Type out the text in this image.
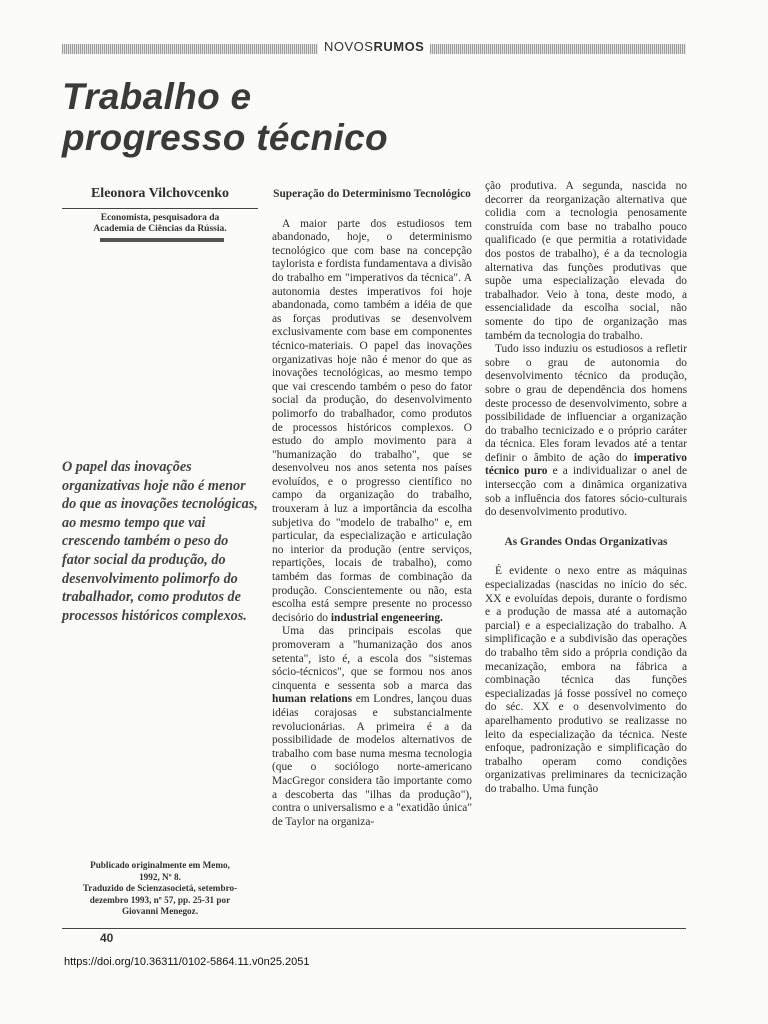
NOVOSRUMOS
Trabalho e
progresso técnico
Eleonora Vilchovcenko
Economista, pesquisadora da
Academia de Ciências da Rússia.
O papel das inovações organizativas hoje não é menor do que as inovações tecnológicas, ao mesmo tempo que vai crescendo também o peso do fator social da produção, do desenvolvimento polimorfo do trabalhador, como produtos de processos históricos complexos.
Publicado originalmente em Memo,
1992, Nº 8.
Traduzido de Scienzasocietá, setembro-
dezembro 1993, nº 57, pp. 25-31 por
Giovanni Menegoz.
Superação do Determinismo Tecnológico

A maior parte dos estudiosos tem abandonado, hoje, o determinismo tecnológico que com base na concepção taylorista e fordista fundamentava a divisão do trabalho em "imperativos da técnica". A autonomia destes imperativos foi hoje abandonada, como também a idéia de que as forças produtivas se desenvolvem exclusivamente com base em componentes técnico-materiais. O papel das inovações organizativas hoje não é menor do que as inovações tecnológicas, ao mesmo tempo que vai crescendo também o peso do fator social da produção, do desenvolvimento polimorfo do trabalhador, como produtos de processos históricos complexos. O estudo do amplo movimento para a "humanização do trabalho", que se desenvolveu nos anos setenta nos países evoluídos, e o progresso científico no campo da organização do trabalho, trouxeram à luz a importância da escolha subjetiva do "modelo de trabalho" e, em particular, da especialização e articulação no interior da produção (entre serviços, repartições, locais de trabalho), como também das formas de combinação da produção. Conscientemente ou não, esta escolha está sempre presente no processo decisório do industrial engeneering.

Uma das principais escolas que promoveram a "humanização dos anos setenta", isto é, a escola dos "sistemas sócio-técnicos", que se formou nos anos cinquenta e sessenta sob a marca das human relations em Londres, lançou duas idéias corajosas e substancialmente revolucionárias. A primeira é a da possibilidade de modelos alternativos de trabalho com base numa mesma tecnologia (que o sociólogo norte-americano MacGregor considera tão importante como a descoberta das "ilhas da produção"), contra o universalismo e a "exatidão única" de Taylor na organiza-

ção produtiva. A segunda, nascida no decorrer da reorganização alternativa que colidia com a tecnologia penosamente construída com base no trabalho pouco qualificado (e que permitia a rotatividade dos postos de trabalho), é a da tecnologia alternativa das funções produtivas que supõe uma especialização elevada do trabalhador. Veio à tona, deste modo, a essencialidade da escolha social, não somente do tipo de organização mas também da tecnologia do trabalho.

Tudo isso induziu os estudiosos a refletir sobre o grau de autonomia do desenvolvimento técnico da produção, sobre o grau de dependência dos homens deste processo de desenvolvimento, sobre a possibilidade de influenciar a organização do trabalho tecnicizado e o próprio caráter da técnica. Eles foram levados até a tentar definir o âmbito de ação do imperativo técnico puro e a individualizar o anel de intersecção com a dinâmica organizativa sob a influência dos fatores sócio-culturais do desenvolvimento produtivo.

As Grandes Ondas Organizativas

É evidente o nexo entre as máquinas especializadas (nascidas no início do séc. XX e evoluídas depois, durante o fordismo e a produção de massa até a automação parcial) e a especialização do trabalho. A simplificação e a subdivisão das operações do trabalho têm sido a própria condição da mecanização, embora na fábrica a combinação técnica das funções especializadas já fosse possível no começo do séc. XX e o desenvolvimento do aparelhamento produtivo se realizasse no leito da especialização da técnica. Neste enfoque, padronização e simplificação do trabalho operam como condições organizativas preliminares da tecnicização do trabalho. Uma função

40
https://doi.org/10.36311/0102-5864.11.v0n25.2051
